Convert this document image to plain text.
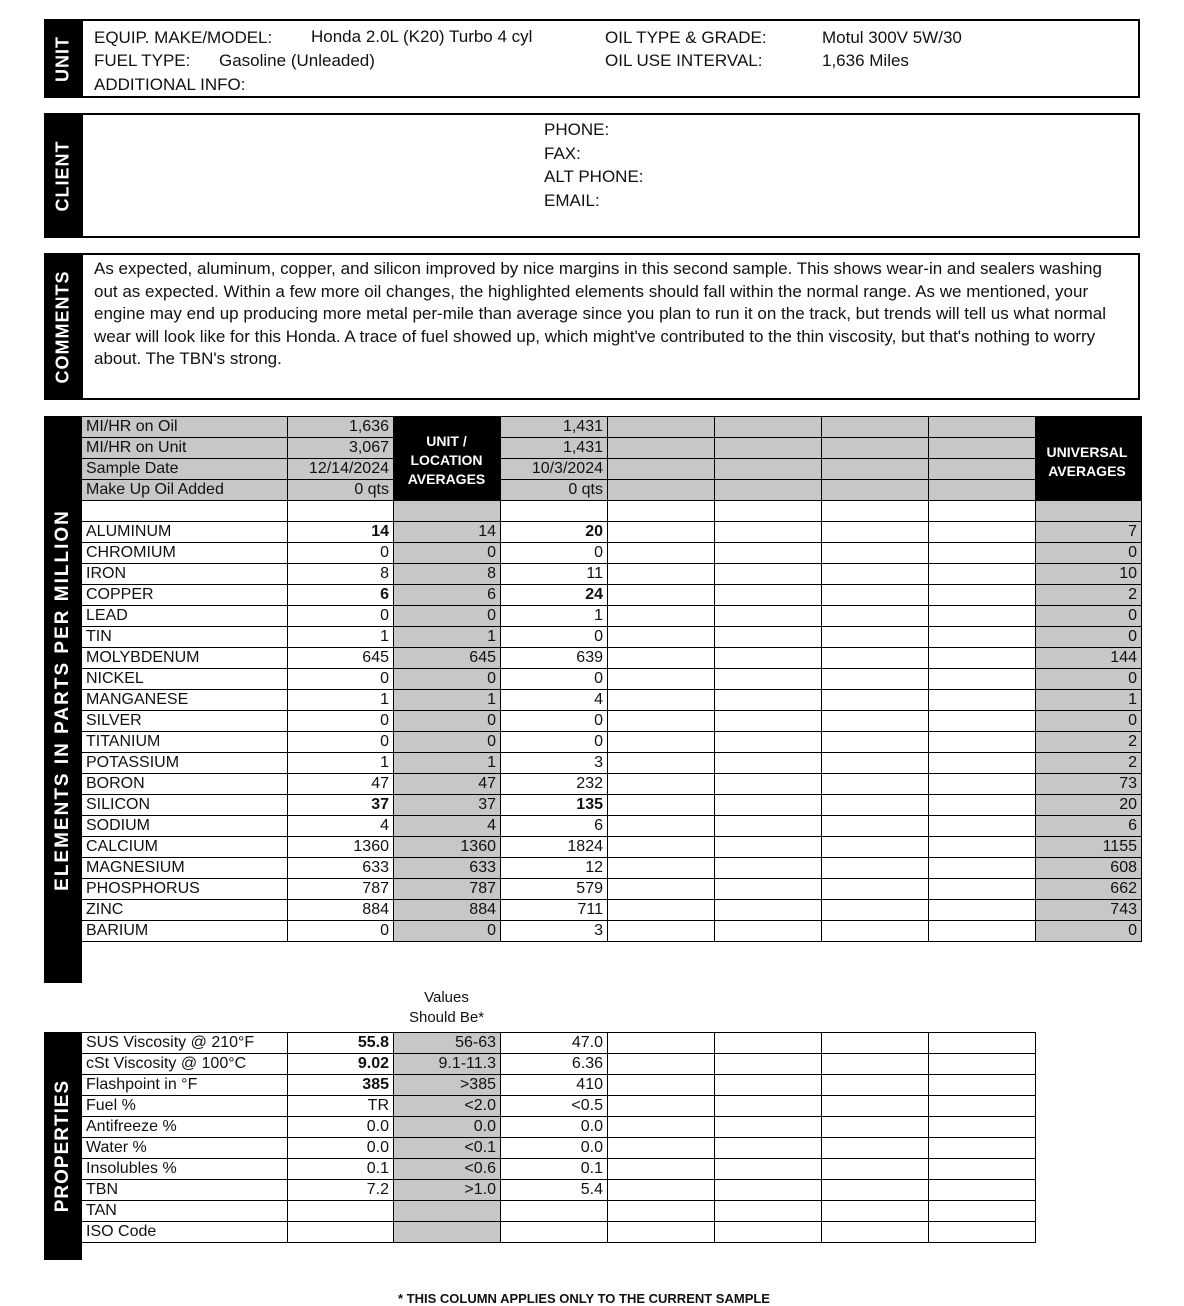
UNIT EQUIP. MAKE/MODEL: Honda 2.0L (K20) Turbo 4 cyl
FUEL TYPE: Gasoline (Unleaded)
ADDITIONAL INFO:
OIL TYPE & GRADE:	Motul 300V 5W/30
OIL USE INTERVAL:	1,636 Miles
CLIENT
PHONE:
FAX:
ALT PHONE:
EMAIL:
COMMENTS
As expected, aluminum, copper, and silicon improved by nice margins in this second sample. This shows wear-in and sealers washing out as expected. Within a few more oil changes, the highlighted elements should fall within the normal range. As we mentioned, your engine may end up producing more metal per-mile than average since you plan to run it on the track, but trends will tell us what normal wear will look like for this Honda. A trace of fuel showed up, which might've contributed to the thin viscosity, but that's nothing to worry about. The TBN's strong.
ELEMENTS IN PARTS PER MILLION
MI/HR on Oil	1,636		1,431					
MI/HR on Unit	3,067		1,431					
Sample Date	12/14/2024		10/3/2024					
Make Up Oil Added	0 qts		0 qts					

ALUMINUM	14	14	20					7
CHROMIUM	0	0	0					0
IRON	8	8	11					10
COPPER	6	6	24					2
LEAD	0	0	1					0
TIN	1	1	0					0
MOLYBDENUM	645	645	639					144
NICKEL	0	0	0					0
MANGANESE	1	1	4					1
SILVER	0	0	0					0
TITANIUM	0	0	0					2
POTASSIUM	1	1	3					2
BORON	47	47	232					73
SILICON	37	37	135					20
SODIUM	4	4	6					6
CALCIUM	1360	1360	1824					1155
MAGNESIUM	633	633	12					608
PHOSPHORUS	787	787	579					662
ZINC	884	884	711					743
BARIUM	0	0	3					0
UNIT /
LOCATION
AVERAGES
UNIVERSAL
AVERAGES
Values
Should Be*
PROPERTIES
SUS Viscosity @ 210°F	55.8	56-63	47.0				
cSt Viscosity @ 100°C	9.02	9.1-11.3	6.36				
Flashpoint in °F	385	>385	410				
Fuel %	TR	<2.0	<0.5				
Antifreeze %	0.0	0.0	0.0				
Water %	0.0	<0.1	0.0				
Insolubles %	0.1	<0.6	0.1				
TBN	7.2	>1.0	5.4				
TAN							
ISO Code							
* THIS COLUMN APPLIES ONLY TO THE CURRENT SAMPLE
